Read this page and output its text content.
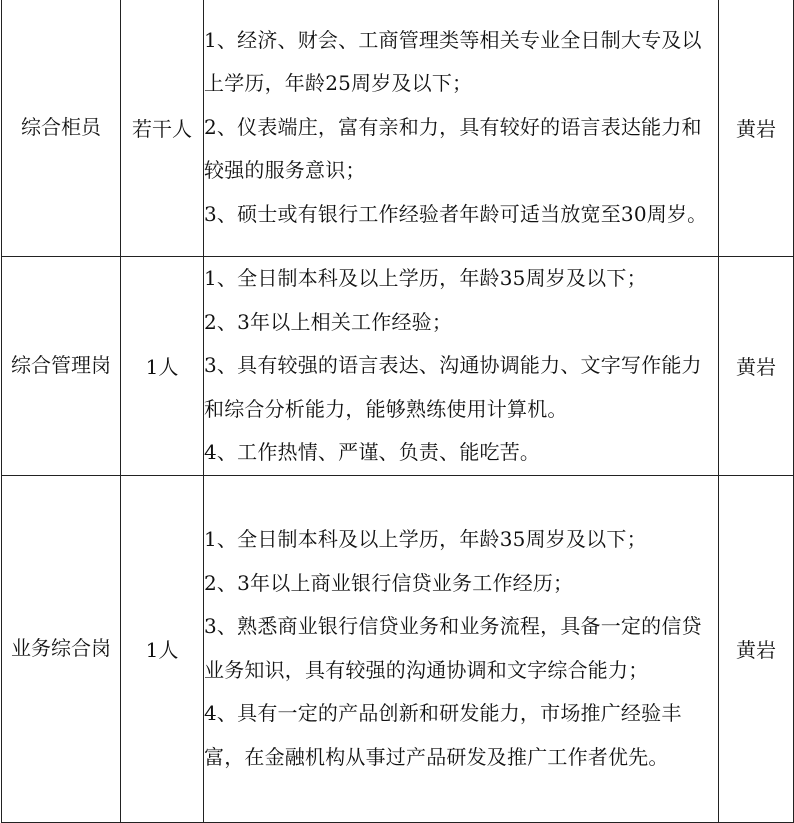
综合柜员	若干人	1、经济、财会、工商管理类等相关专业全日制大专及以上学历，年龄25周岁及以下；
2、仪表端庄，富有亲和力，具有较好的语言表达能力和较强的服务意识；
3、硕士或有银行工作经验者年龄可适当放宽至30周岁。	黄岩
综合管理岗	1人	1、全日制本科及以上学历，年龄35周岁及以下；
2、3年以上相关工作经验；
3、具有较强的语言表达、沟通协调能力、文字写作能力和综合分析能力，能够熟练使用计算机。
4、工作热情、严谨、负责、能吃苦。	黄岩
业务综合岗	1人	1、全日制本科及以上学历，年龄35周岁及以下；
2、3年以上商业银行信贷业务工作经历；
3、熟悉商业银行信贷业务和业务流程，具备一定的信贷业务知识，具有较强的沟通协调和文字综合能力；
4、具有一定的产品创新和研发能力，市场推广经验丰富，在金融机构从事过产品研发及推广工作者优先。	黄岩
